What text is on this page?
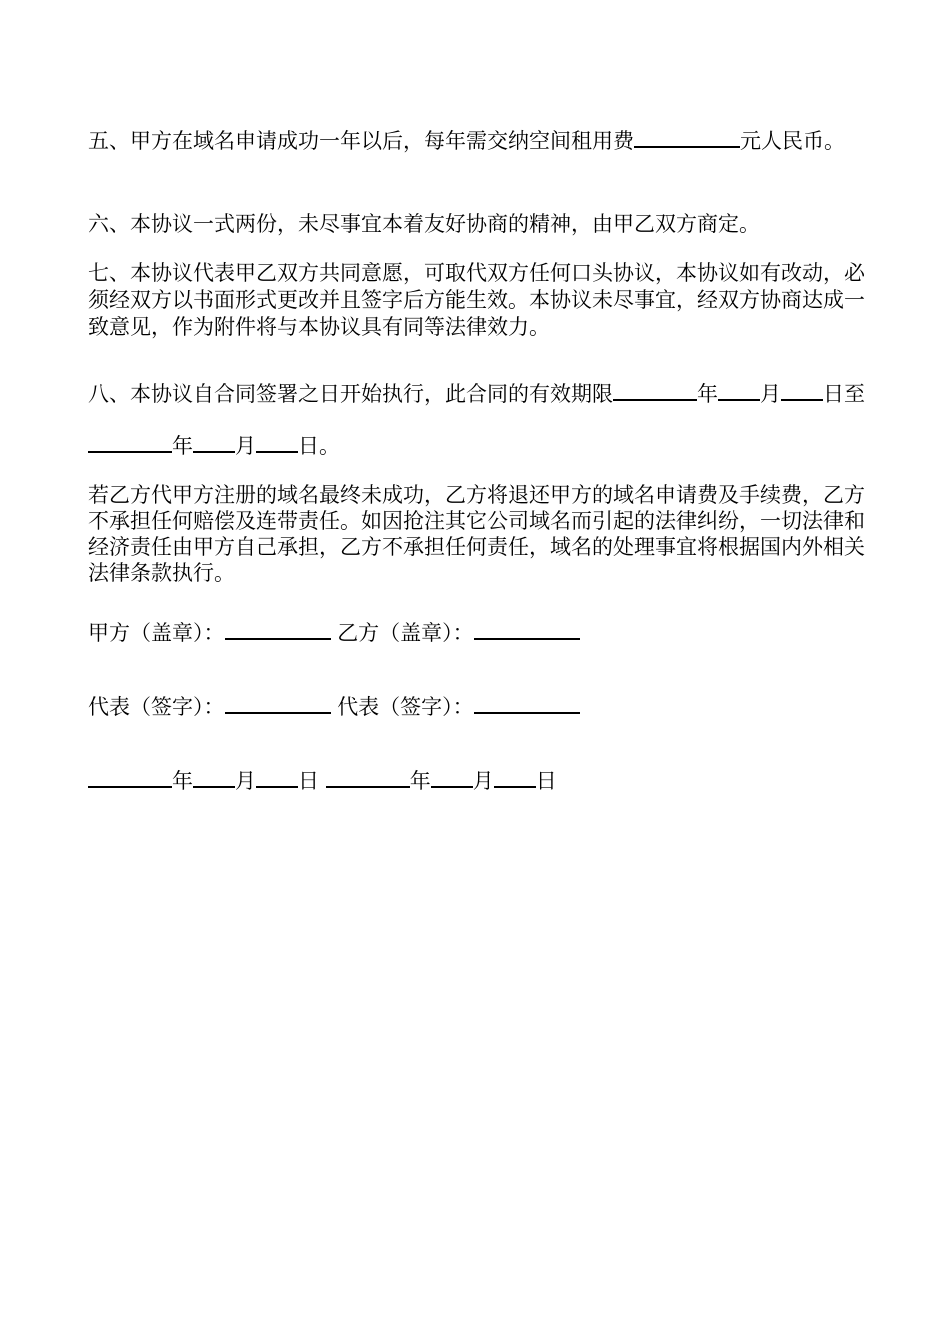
五、甲方在域名申请成功一年以后，每年需交纳空间租用费	元人民币。

六、本协议一式两份，未尽事宜本着友好协商的精神，由甲乙双方商定。

七、本协议代表甲乙双方共同意愿，可取代双方任何口头协议，本协议如有改动，必须经双方以书面形式更改并且签字后方能生效。本协议未尽事宜，经双方协商达成一致意见，作为附件将与本协议具有同等法律效力。

八、本协议自合同签署之日开始执行，此合同的有效期限	年 月 日至年 月 日。

若乙方代甲方注册的域名最终未成功，乙方将退还甲方的域名申请费及手续费，乙方不承担任何赔偿及连带责任。如因抢注其它公司域名而引起的法律纠纷，一切法律和经济责任由甲方自己承担，乙方不承担任何责任，域名的处理事宜将根据国内外相关法律条款执行。

甲方（盖章）：	乙方（盖章）：

代表（签字）：	代表（签字）：

年 月 日	年 月 日
